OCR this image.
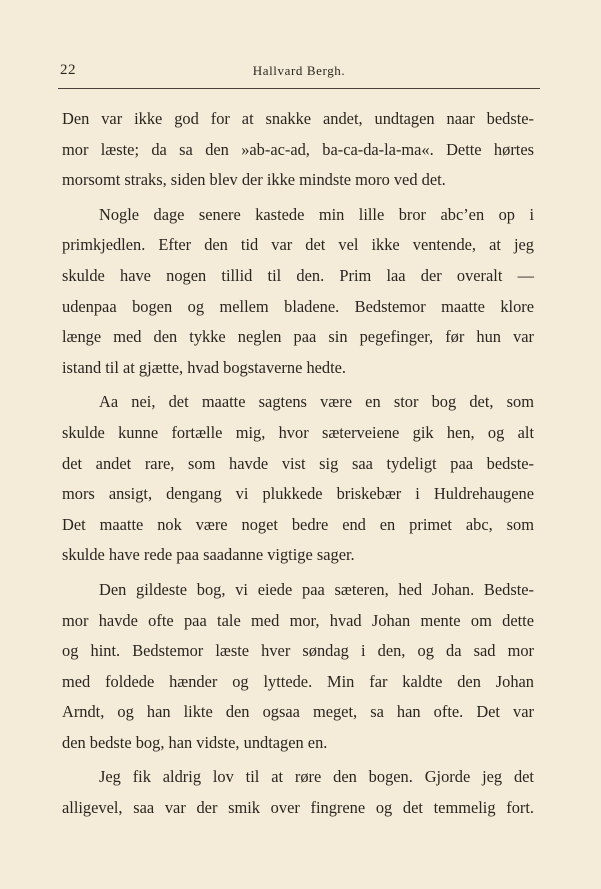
22	Hallvard Bergh.
Den var ikke god for at snakke andet, undtagen naar bedste-
mor læste; da sa den »ab-ac-ad, ba-ca-da-la-ma«. Dette hørtes
morsomt straks, siden blev der ikke mindste moro ved det.
Nogle dage senere kastede min lille bror abc’en op i
primkjedlen. Efter den tid var det vel ikke ventende, at jeg
skulde have nogen tillid til den. Prim laa der overalt —
udenpaa bogen og mellem bladene. Bedstemor maatte klore
længe med den tykke neglen paa sin pegefinger, før hun var
istand til at gjætte, hvad bogstaverne hedte.
Aa nei, det maatte sagtens være en stor bog det, som
skulde kunne fortælle mig, hvor sæterveiene gik hen, og alt
det andet rare, som havde vist sig saa tydeligt paa bedste-
mors ansigt, dengang vi plukkede briskebær i Huldrehaugene
Det maatte nok være noget bedre end en primet abc, som
skulde have rede paa saadanne vigtige sager.
Den gildeste bog, vi eiede paa sæteren, hed Johan. Bedste-
mor havde ofte paa tale med mor, hvad Johan mente om dette
og hint. Bedstemor læste hver søndag i den, og da sad mor
med foldede hænder og lyttede. Min far kaldte den Johan
Arndt, og han likte den ogsaa meget, sa han ofte. Det var
den bedste bog, han vidste, undtagen en.
Jeg fik aldrig lov til at røre den bogen. Gjorde jeg det
alligevel, saa var der smik over fingrene og det temmelig fort.
